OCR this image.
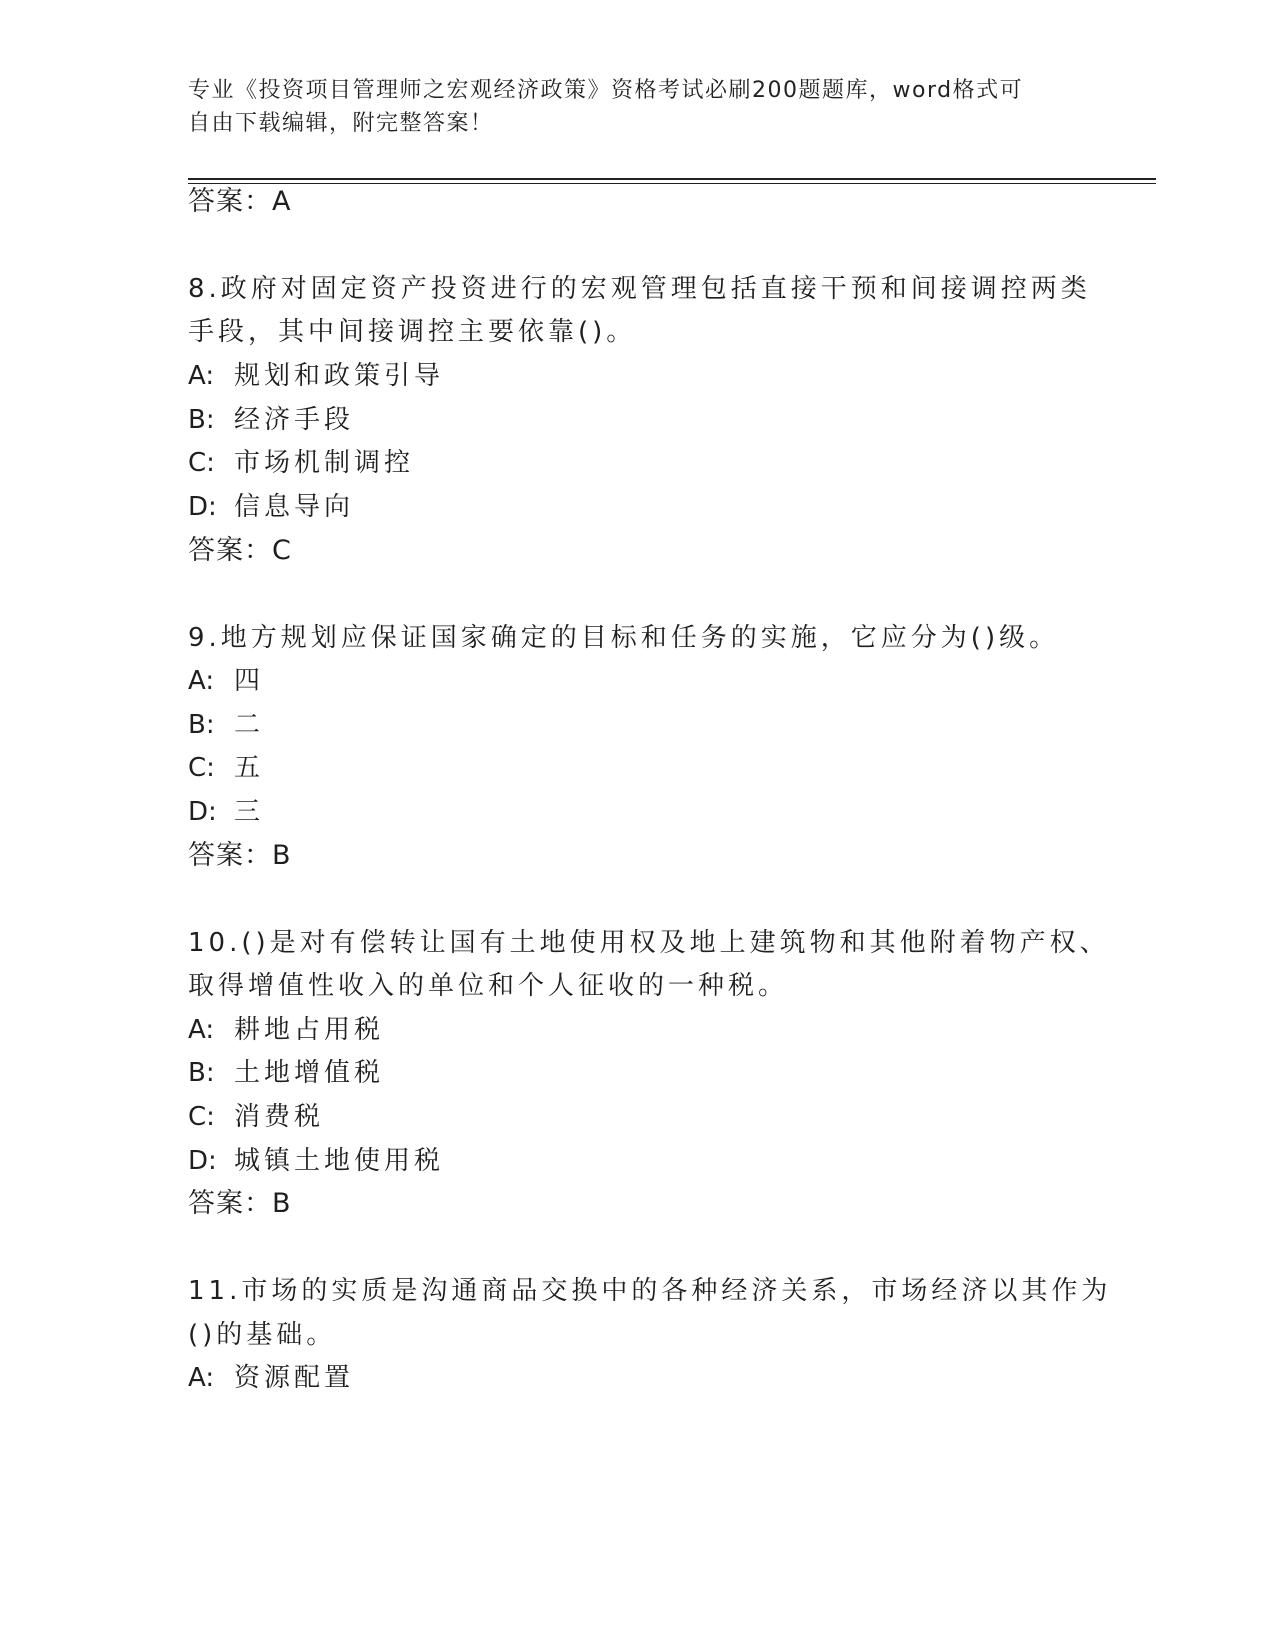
专业《投资项目管理师之宏观经济政策》资格考试必刷200题题库，word格式可
自由下载编辑，附完整答案！
答案：A
8.政府对固定资产投资进行的宏观管理包括直接干预和间接调控两类
手段，其中间接调控主要依靠()。
A: 规划和政策引导
B: 经济手段
C: 市场机制调控
D: 信息导向
答案：C
9.地方规划应保证国家确定的目标和任务的实施，它应分为()级。
A: 四
B: 二
C: 五
D: 三
答案：B
10.()是对有偿转让国有土地使用权及地上建筑物和其他附着物产权、
取得增值性收入的单位和个人征收的一种税。
A: 耕地占用税
B: 土地增值税
C: 消费税
D: 城镇土地使用税
答案：B
11.市场的实质是沟通商品交换中的各种经济关系，市场经济以其作为
()的基础。
A: 资源配置
